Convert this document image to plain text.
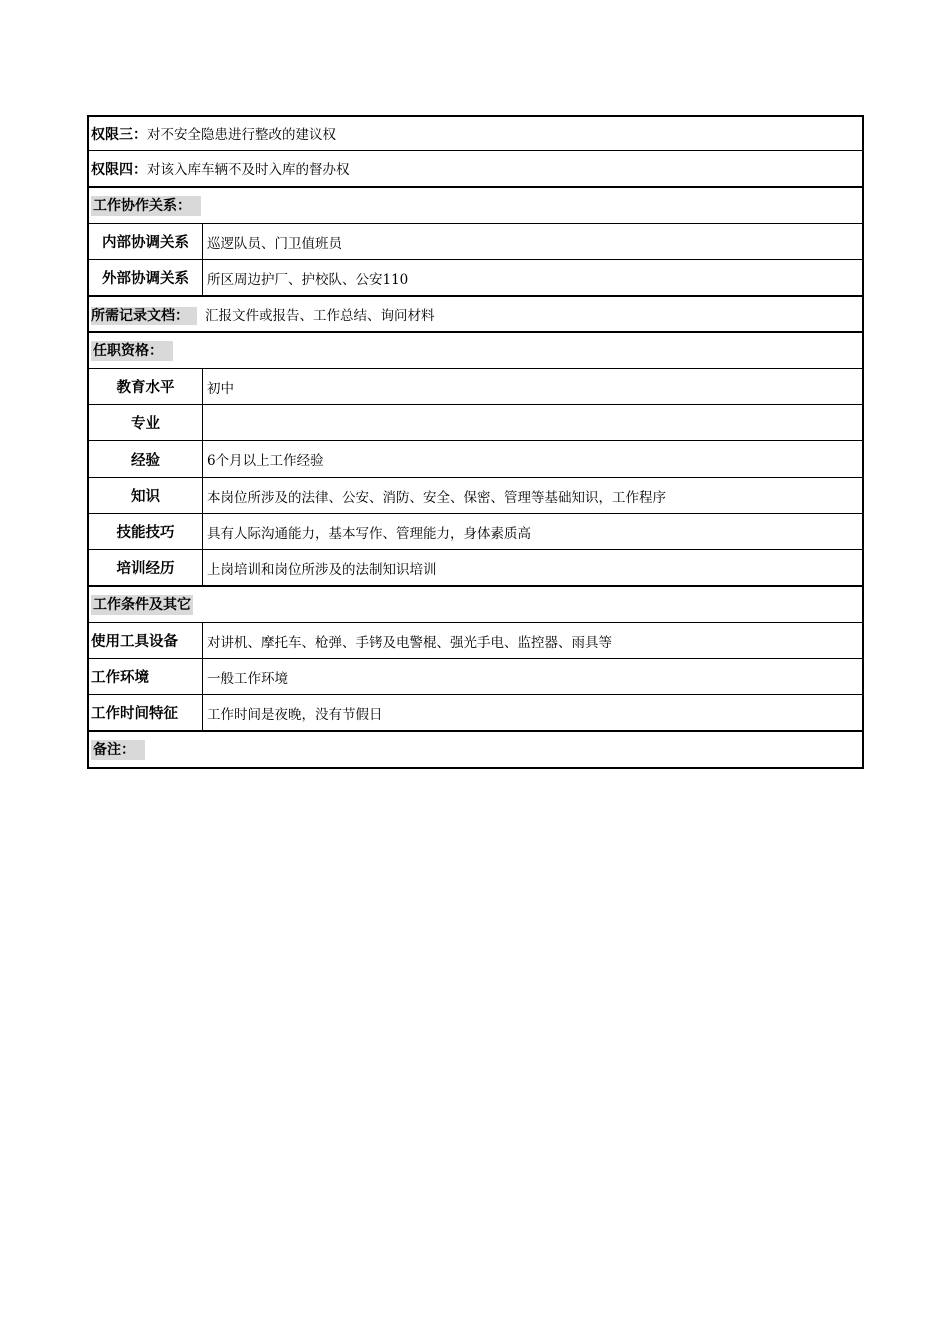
权限三：对不安全隐患进行整改的建议权
权限四：对该入库车辆不及时入库的督办权
工作协作关系：
内部协调关系	巡逻队员、门卫值班员
外部协调关系	所区周边护厂、护校队、公安110
所需记录文档： 汇报文件或报告、工作总结、询问材料
任职资格：
教育水平	初中
专业
经验	6个月以上工作经验
知识	本岗位所涉及的法律、公安、消防、安全、保密、管理等基础知识，工作程序
技能技巧	具有人际沟通能力，基本写作、管理能力，身体素质高
培训经历	上岗培训和岗位所涉及的法制知识培训
工作条件及其它
使用工具设备	对讲机、摩托车、枪弹、手铐及电警棍、强光手电、监控器、雨具等
工作环境	一般工作环境
工作时间特征	工作时间是夜晚，没有节假日
备注：
